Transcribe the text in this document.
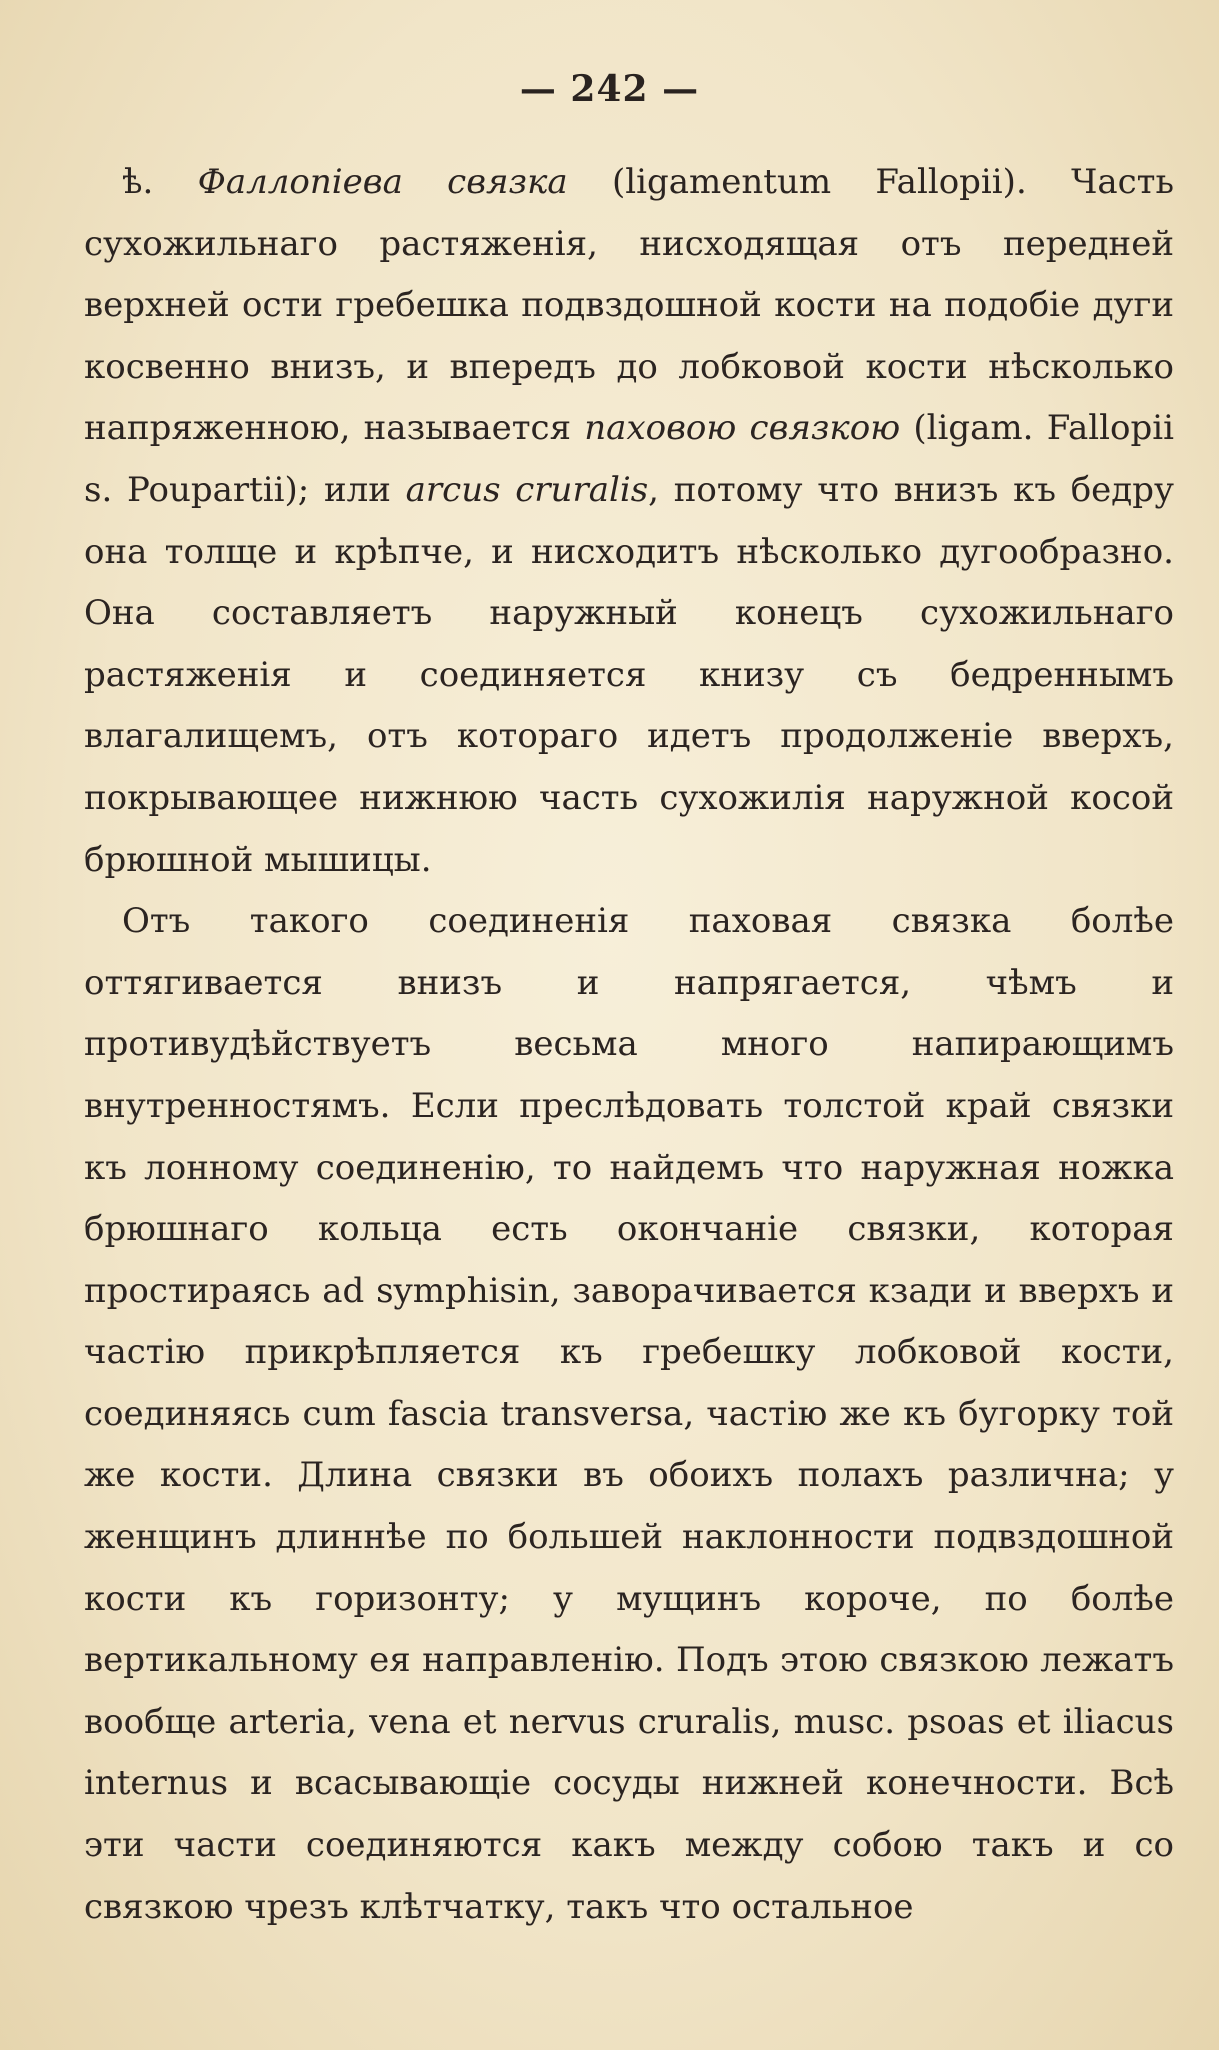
— 242 —

ѣ. Фаллопіева связка (ligamentum Fallopii). Часть сухожильнаго растяженія, нисходящая отъ передней верхней ости гребешка подвздошной кости на подобіе дуги косвенно внизъ, и впередъ до лобковой кости нѣсколько напряженною, называется паховою связкою (ligam. Fallopii s. Poupartii); или arcus cruralis, потому что внизъ къ бедру она толще и крѣпче, и нисходитъ нѣсколько дугообразно. Она составляетъ наружный конецъ сухожильнаго растяженія и соединяется книзу съ бедреннымъ влагалищемъ, отъ котораго идетъ продолженіе вверхъ, покрывающее нижнюю часть сухожилія наружной косой брюшной мышицы.

Отъ такого соединенія паховая связка болѣе оттягивается внизъ и напрягается, чѣмъ и противудѣйствуетъ весьма много напирающимъ внутренностямъ. Если преслѣдовать толстой край связки къ лонному соединенію, то найдемъ что наружная ножка брюшнаго кольца есть окончаніе связки, которая простираясь ad symphisin, заворачивается кзади и вверхъ и частію прикрѣпляется къ гребешку лобковой кости, соединяясь cum fascia transversa, частію же къ бугорку той же кости. Длина связки въ обоихъ полахъ различна; у женщинъ длиннѣе по большей наклонности подвздошной кости къ горизонту; у мущинъ короче, по болѣе вертикальному ея направленію. Подъ этою связкою лежатъ вообще arteria, vena et nervus cruralis, musc. psoas et iliacus internus и всасывающіе сосуды нижней конечности. Всѣ эти части соединяются какъ между собою такъ и со связкою чрезъ клѣтчатку, такъ что остальное
